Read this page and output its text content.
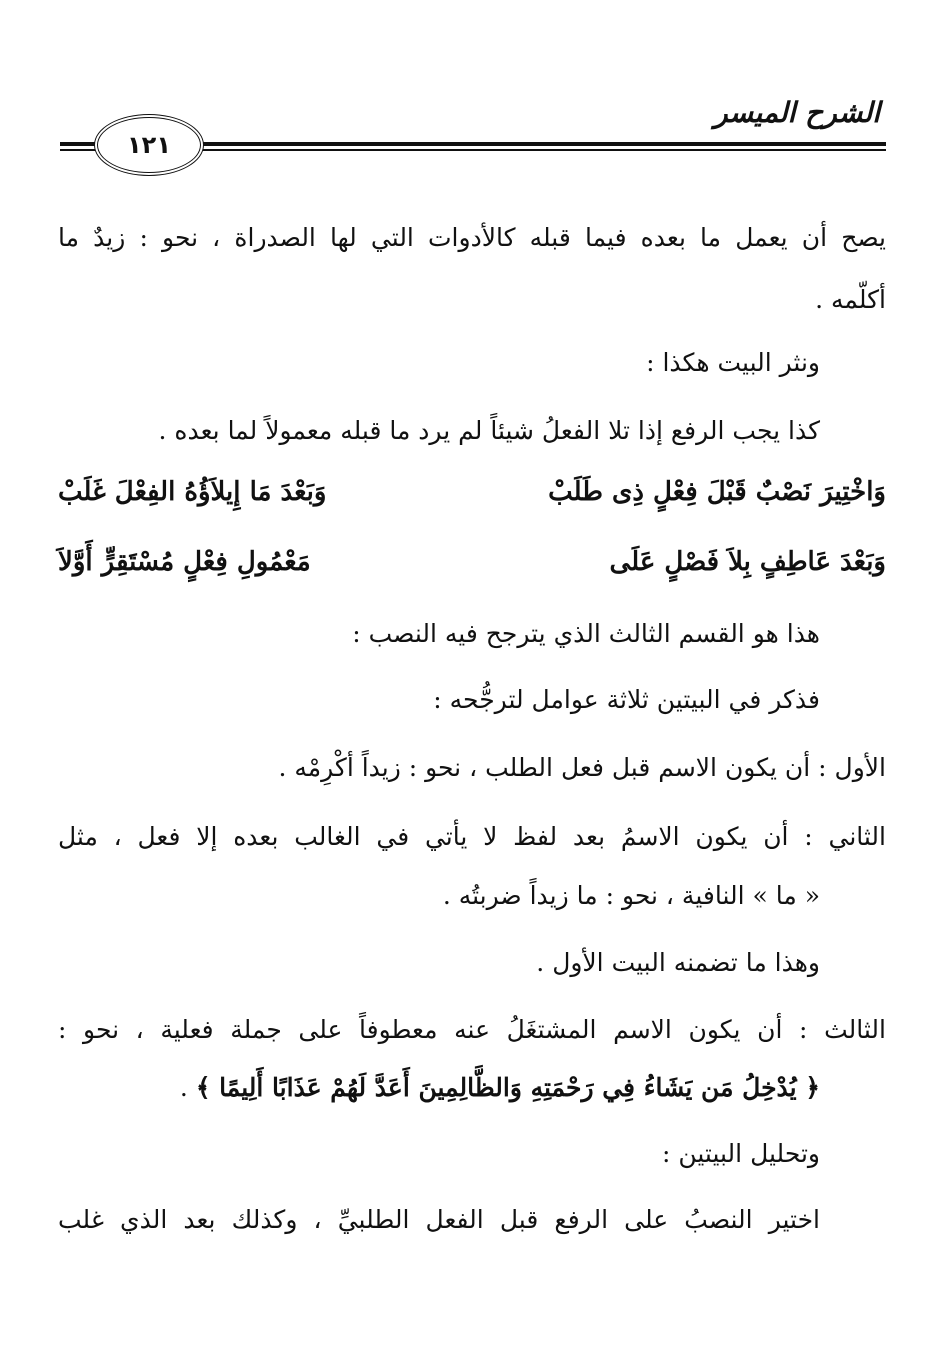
الشرح الميسر
١٢١
يصح أن يعمل ما بعده فيما قبله كالأدوات التي لها الصدراة ، نحو : زيدٌ ما
أكلّمه .
ونثر البيت هكذا :
كذا يجب الرفع إذا تلا الفعلُ شيئاً لم يرد ما قبله معمولاً لما بعده .
وَاخْتِيرَ نَصْبٌ قَبْلَ فِعْلٍ ذِى طَلَبْ
وَبَعْدَ مَا إِيلاَؤُهُ الفِعْلَ غَلَبْ
وَبَعْدَ عَاطِفٍ بِلاَ فَصْلٍ عَلَى
مَعْمُولِ فِعْلٍ مُسْتَقِرٍّ أَوَّلاَ
هذا هو القسم الثالث الذي يترجح فيه النصب :
فذكر في البيتين ثلاثة عوامل لترجُّحه :
الأول : أن يكون الاسم قبل فعل الطلب ، نحو : زيداً أكْرِمْه .
الثاني : أن يكون الاسمُ بعد لفظ لا يأتي في الغالب بعده إلا فعل ، مثل
« ما » النافية ، نحو : ما زيداً ضربتُه .
وهذا ما تضمنه البيت الأول .
الثالث : أن يكون الاسم المشتغَلُ عنه معطوفاً على جملة فعلية ، نحو :
﴿ يُدْخِلُ مَن يَشَاءُ فِي رَحْمَتِهِ وَالظَّالِمِينَ أَعَدَّ لَهُمْ عَذَابًا أَلِيمًا ﴾ .
وتحليل البيتين :
اختير النصبُ على الرفع قبل الفعل الطلبيِّ ، وكذلك بعد الذي غلب
